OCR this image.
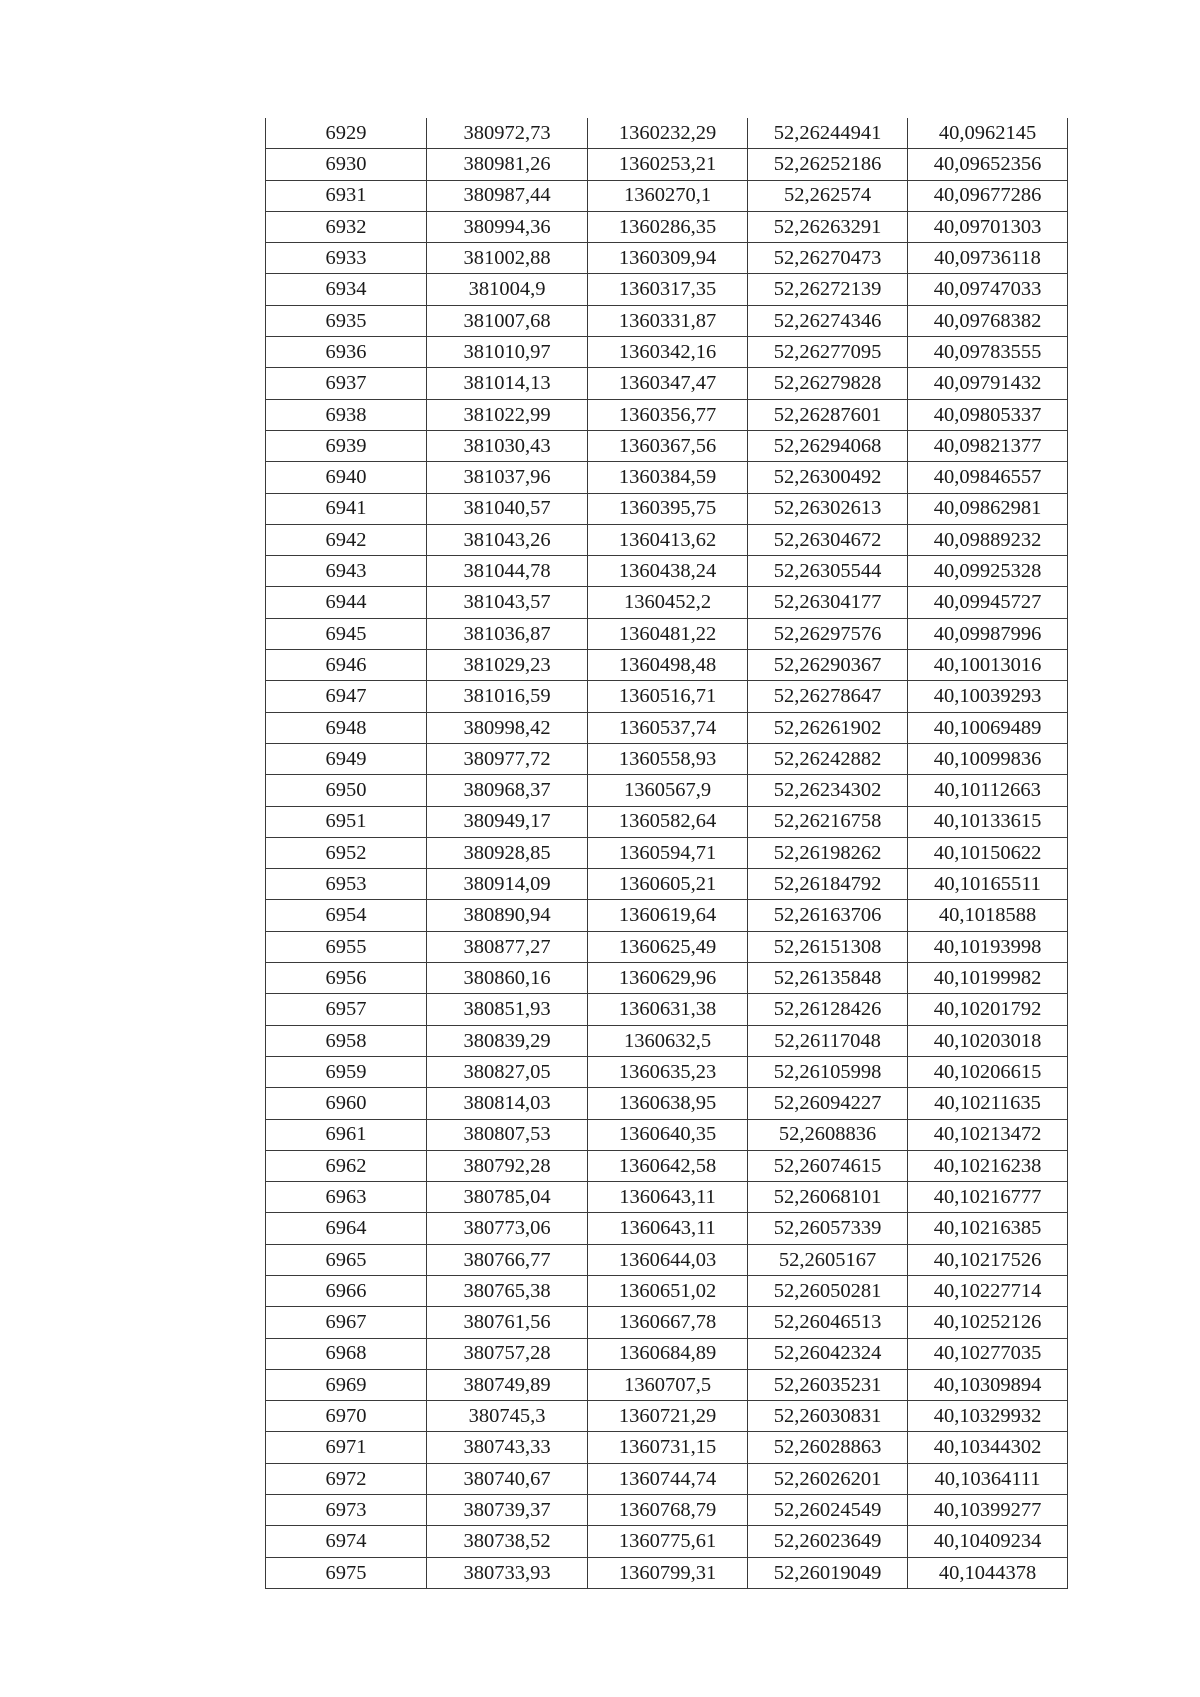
6929	380972,73	1360232,29	52,26244941	40,0962145
6930	380981,26	1360253,21	52,26252186	40,09652356
6931	380987,44	1360270,1	52,262574	40,09677286
6932	380994,36	1360286,35	52,26263291	40,09701303
6933	381002,88	1360309,94	52,26270473	40,09736118
6934	381004,9	1360317,35	52,26272139	40,09747033
6935	381007,68	1360331,87	52,26274346	40,09768382
6936	381010,97	1360342,16	52,26277095	40,09783555
6937	381014,13	1360347,47	52,26279828	40,09791432
6938	381022,99	1360356,77	52,26287601	40,09805337
6939	381030,43	1360367,56	52,26294068	40,09821377
6940	381037,96	1360384,59	52,26300492	40,09846557
6941	381040,57	1360395,75	52,26302613	40,09862981
6942	381043,26	1360413,62	52,26304672	40,09889232
6943	381044,78	1360438,24	52,26305544	40,09925328
6944	381043,57	1360452,2	52,26304177	40,09945727
6945	381036,87	1360481,22	52,26297576	40,09987996
6946	381029,23	1360498,48	52,26290367	40,10013016
6947	381016,59	1360516,71	52,26278647	40,10039293
6948	380998,42	1360537,74	52,26261902	40,10069489
6949	380977,72	1360558,93	52,26242882	40,10099836
6950	380968,37	1360567,9	52,26234302	40,10112663
6951	380949,17	1360582,64	52,26216758	40,10133615
6952	380928,85	1360594,71	52,26198262	40,10150622
6953	380914,09	1360605,21	52,26184792	40,10165511
6954	380890,94	1360619,64	52,26163706	40,1018588
6955	380877,27	1360625,49	52,26151308	40,10193998
6956	380860,16	1360629,96	52,26135848	40,10199982
6957	380851,93	1360631,38	52,26128426	40,10201792
6958	380839,29	1360632,5	52,26117048	40,10203018
6959	380827,05	1360635,23	52,26105998	40,10206615
6960	380814,03	1360638,95	52,26094227	40,10211635
6961	380807,53	1360640,35	52,2608836	40,10213472
6962	380792,28	1360642,58	52,26074615	40,10216238
6963	380785,04	1360643,11	52,26068101	40,10216777
6964	380773,06	1360643,11	52,26057339	40,10216385
6965	380766,77	1360644,03	52,2605167	40,10217526
6966	380765,38	1360651,02	52,26050281	40,10227714
6967	380761,56	1360667,78	52,26046513	40,10252126
6968	380757,28	1360684,89	52,26042324	40,10277035
6969	380749,89	1360707,5	52,26035231	40,10309894
6970	380745,3	1360721,29	52,26030831	40,10329932
6971	380743,33	1360731,15	52,26028863	40,10344302
6972	380740,67	1360744,74	52,26026201	40,10364111
6973	380739,37	1360768,79	52,26024549	40,10399277
6974	380738,52	1360775,61	52,26023649	40,10409234
6975	380733,93	1360799,31	52,26019049	40,1044378
